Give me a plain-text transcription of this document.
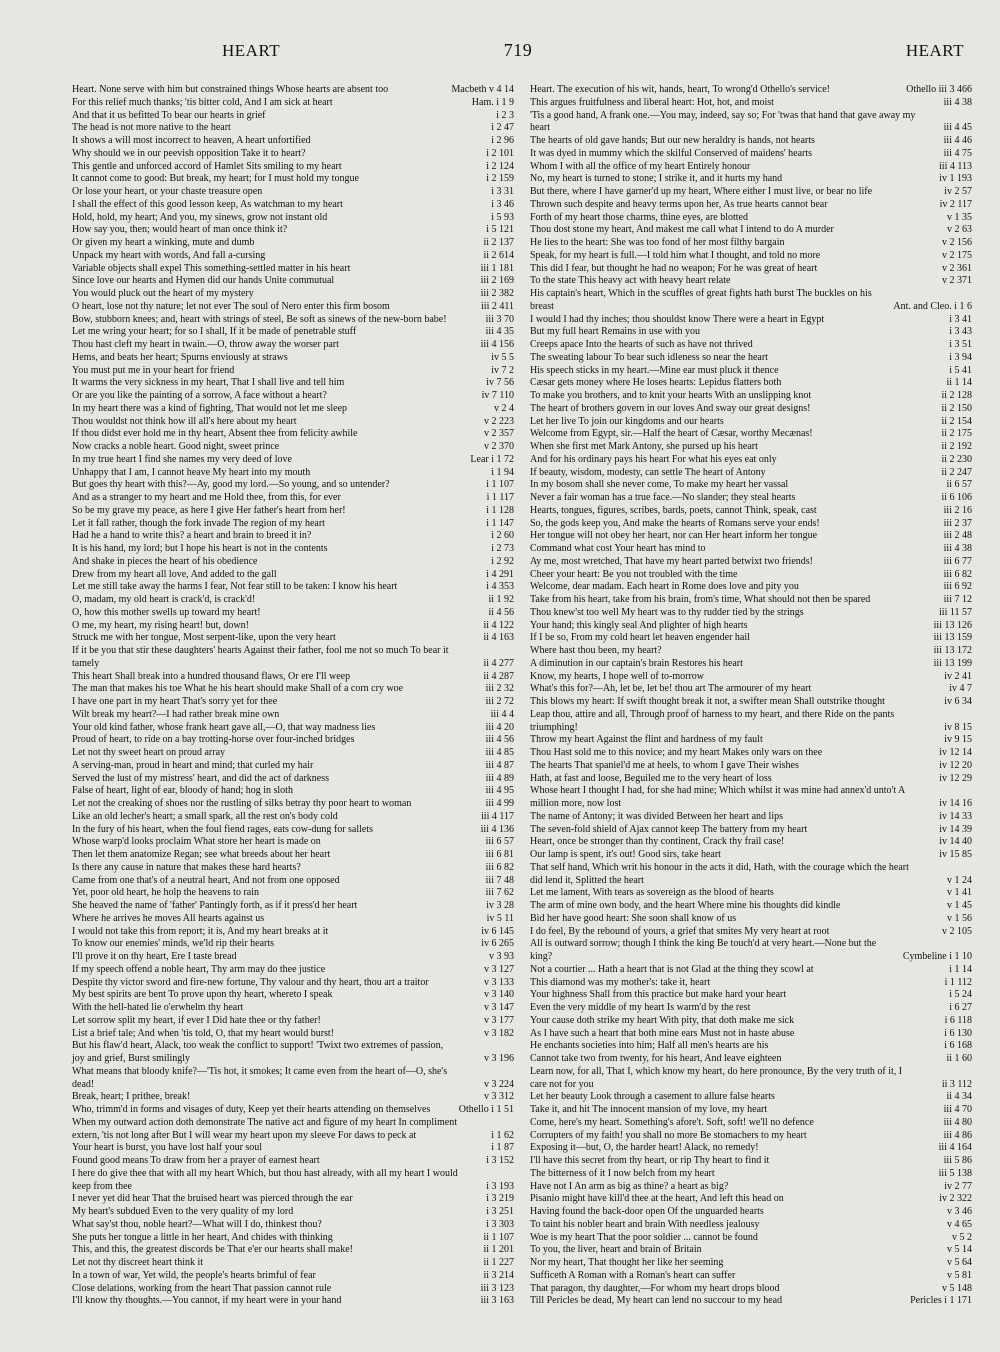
HEART	719	HEART
Heart. None serve with him but constrained things Whose hearts are absent too	Macbeth v 4 14
For this relief much thanks; 'tis bitter cold, And I am sick at heart	Ham. i 1 9
And that it us befitted To bear our hearts in grief	i 2 3
The head is not more native to the heart	i 2 47
It shows a will most incorrect to heaven, A heart unfortified	i 2 96
Why should we in our peevish opposition Take it to heart?	i 2 101
This gentle and unforced accord of Hamlet Sits smiling to my heart	i 2 124
It cannot come to good: But break, my heart; for I must hold my tongue	i 2 159
Or lose your heart, or your chaste treasure open	i 3 31
I shall the effect of this good lesson keep, As watchman to my heart	i 3 46
Hold, hold, my heart; And you, my sinews, grow not instant old	i 5 93
How say you, then; would heart of man once think it?	i 5 121
Or given my heart a winking, mute and dumb	ii 2 137
Unpack my heart with words, And fall a-cursing	ii 2 614
Variable objects shall expel This something-settled matter in his heart	iii 1 181
Since love our hearts and Hymen did our hands Unite commutual	iii 2 169
You would pluck out the heart of my mystery	iii 2 382
O heart, lose not thy nature; let not ever The soul of Nero enter this firm bosom	iii 2 411
Bow, stubborn knees; and, heart with strings of steel, Be soft as sinews of the new-born babe!	iii 3 70
Let me wring your heart; for so I shall, If it be made of penetrable stuff	iii 4 35
Thou hast cleft my heart in twain.—O, throw away the worser part	iii 4 156
Hems, and beats her heart; Spurns enviously at straws	iv 5 5
You must put me in your heart for friend	iv 7 2
It warms the very sickness in my heart, That I shall live and tell him	iv 7 56
Or are you like the painting of a sorrow, A face without a heart?	iv 7 110
In my heart there was a kind of fighting, That would not let me sleep	v 2 4
Thou wouldst not think how ill all's here about my heart	v 2 223
If thou didst ever hold me in thy heart, Absent thee from felicity awhile	v 2 357
Now cracks a noble heart. Good night, sweet prince	v 2 370
In my true heart I find she names my very deed of love	Lear i 1 72
Unhappy that I am, I cannot heave My heart into my mouth	i 1 94
But goes thy heart with this?—Ay, good my lord.—So young, and so untender?	i 1 107
And as a stranger to my heart and me Hold thee, from this, for ever	i 1 117
So be my grave my peace, as here I give Her father's heart from her!	i 1 128
Let it fall rather, though the fork invade The region of my heart	i 1 147
Had he a hand to write this? a heart and brain to breed it in?	i 2 60
It is his hand, my lord; but I hope his heart is not in the contents	i 2 73
And shake in pieces the heart of his obedience	i 2 92
Drew from my heart all love, And added to the gall	i 4 291
Let me still take away the harms I fear, Not fear still to be taken: I know his heart	i 4 353
O, madam, my old heart is crack'd, is crack'd!	ii 1 92
O, how this mother swells up toward my heart!	ii 4 56
O me, my heart, my rising heart! but, down!	ii 4 122
Struck me with her tongue, Most serpent-like, upon the very heart	ii 4 163
If it be you that stir these daughters' hearts Against their father, fool me not so much To bear it tamely	ii 4 277
This heart Shall break into a hundred thousand flaws, Or ere I'll weep	ii 4 287
The man that makes his toe What he his heart should make Shall of a corn cry woe	iii 2 32
I have one part in my heart That's sorry yet for thee	iii 2 72
Wilt break my heart?—I had rather break mine own	iii 4 4
Your old kind father, whose frank heart gave all,—O, that way madness lies	iii 4 20
Proud of heart, to ride on a bay trotting-horse over four-inched bridges	iii 4 56
Let not thy sweet heart on proud array	iii 4 85
A serving-man, proud in heart and mind; that curled my hair	iii 4 87
Served the lust of my mistress' heart, and did the act of darkness	iii 4 89
False of heart, light of ear, bloody of hand; hog in sloth	iii 4 95
Let not the creaking of shoes nor the rustling of silks betray thy poor heart to woman	iii 4 99
Like an old lecher's heart; a small spark, all the rest on's body cold	iii 4 117
In the fury of his heart, when the foul fiend rages, eats cow-dung for sallets	iii 4 136
Whose warp'd looks proclaim What store her heart is made on	iii 6 57
Then let them anatomize Regan; see what breeds about her heart	iii 6 81
Is there any cause in nature that makes these hard hearts?	iii 6 82
Came from one that's of a neutral heart, And not from one opposed	iii 7 48
Yet, poor old heart, he holp the heavens to rain	iii 7 62
She heaved the name of 'father' Pantingly forth, as if it press'd her heart	iv 3 28
Where he arrives he moves All hearts against us	iv 5 11
I would not take this from report; it is, And my heart breaks at it	iv 6 145
To know our enemies' minds, we'ld rip their hearts	iv 6 265
I'll prove it on thy heart, Ere I taste bread	v 3 93
If my speech offend a noble heart, Thy arm may do thee justice	v 3 127
Despite thy victor sword and fire-new fortune, Thy valour and thy heart, thou art a traitor	v 3 133
My best spirits are bent To prove upon thy heart, whereto I speak	v 3 140
With the hell-hated lie o'erwhelm thy heart	v 3 147
Let sorrow split my heart, if ever I Did hate thee or thy father!	v 3 177
List a brief tale; And when 'tis told, O, that my heart would burst!	v 3 182
But his flaw'd heart, Alack, too weak the conflict to support! 'Twixt two extremes of passion, joy and grief, Burst smilingly	v 3 196
What means that bloody knife?—'Tis hot, it smokes; It came even from the heart of—O, she's dead!	v 3 224
Break, heart; I prithee, break!	v 3 312
Who, trimm'd in forms and visages of duty, Keep yet their hearts attending on themselves	Othello i 1 51
When my outward action doth demonstrate The native act and figure of my heart In compliment extern, 'tis not long after But I will wear my heart upon my sleeve For daws to peck at	i 1 62
Your heart is burst, you have lost half your soul	i 1 87
Found good means To draw from her a prayer of earnest heart	i 3 152
I here do give thee that with all my heart Which, but thou hast already, with all my heart I would keep from thee	i 3 193
I never yet did hear That the bruised heart was pierced through the ear	i 3 219
My heart's subdued Even to the very quality of my lord	i 3 251
What say'st thou, noble heart?—What will I do, thinkest thou?	i 3 303
She puts her tongue a little in her heart, And chides with thinking	ii 1 107
This, and this, the greatest discords be That e'er our hearts shall make!	ii 1 201
Let not thy discreet heart think it	ii 1 227
In a town of war, Yet wild, the people's hearts brimful of fear	ii 3 214
Close delations, working from the heart That passion cannot rule	iii 3 123
I'll know thy thoughts.—You cannot, if my heart were in your hand	iii 3 163
Heart. The execution of his wit, hands, heart, To wrong'd Othello's service!	Othello iii 3 466
This argues fruitfulness and liberal heart: Hot, hot, and moist	iii 4 38
'Tis a good hand, A frank one.—You may, indeed, say so; For 'twas that hand that gave away my heart	iii 4 45
The hearts of old gave hands; But our new heraldry is hands, not hearts	iii 4 46
It was dyed in mummy which the skilful Conserved of maidens' hearts	iii 4 75
Whom I with all the office of my heart Entirely honour	iii 4 113
No, my heart is turned to stone; I strike it, and it hurts my hand	iv 1 193
But there, where I have garner'd up my heart, Where either I must live, or bear no life	iv 2 57
Thrown such despite and heavy terms upon her, As true hearts cannot bear	iv 2 117
Forth of my heart those charms, thine eyes, are blotted	v 1 35
Thou dost stone my heart, And makest me call what I intend to do A murder	v 2 63
He lies to the heart: She was too fond of her most filthy bargain	v 2 156
Speak, for my heart is full.—I told him what I thought, and told no more	v 2 175
This did I fear, but thought he had no weapon; For he was great of heart	v 2 361
To the state This heavy act with heavy heart relate	v 2 371
His captain's heart, Which in the scuffles of great fights hath burst The buckles on his breast	Ant. and Cleo. i 1 6
I would I had thy inches; thou shouldst know There were a heart in Egypt	i 3 41
But my full heart Remains in use with you	i 3 43
Creeps apace Into the hearts of such as have not thrived	i 3 51
The sweating labour To bear such idleness so near the heart	i 3 94
His speech sticks in my heart.—Mine ear must pluck it thence	i 5 41
Cæsar gets money where He loses hearts: Lepidus flatters both	ii 1 14
To make you brothers, and to knit your hearts With an unslipping knot	ii 2 128
The heart of brothers govern in our loves And sway our great designs!	ii 2 150
Let her live To join our kingdoms and our hearts	ii 2 154
Welcome from Egypt, sir.—Half the heart of Cæsar, worthy Mecænas!	ii 2 175
When she first met Mark Antony, she pursed up his heart	ii 2 192
And for his ordinary pays his heart For what his eyes eat only	ii 2 230
If beauty, wisdom, modesty, can settle The heart of Antony	ii 2 247
In my bosom shall she never come, To make my heart her vassal	ii 6 57
Never a fair woman has a true face.—No slander; they steal hearts	ii 6 106
Hearts, tongues, figures, scribes, bards, poets, cannot Think, speak, cast	iii 2 16
So, the gods keep you, And make the hearts of Romans serve your ends!	iii 2 37
Her tongue will not obey her heart, nor can Her heart inform her tongue	iii 2 48
Command what cost Your heart has mind to	iii 4 38
Ay me, most wretched, That have my heart parted betwixt two friends!	iii 6 77
Cheer your heart: Be you not troubled with the time	iii 6 82
Welcome, dear madam. Each heart in Rome does love and pity you	iii 6 92
Take from his heart, take from his brain, from's time, What should not then be spared	iii 7 12
Thou knew'st too well My heart was to thy rudder tied by the strings	iii 11 57
Your hand; this kingly seal And plighter of high hearts	iii 13 126
If I be so, From my cold heart let heaven engender hail	iii 13 159
Where hast thou been, my heart?	iii 13 172
A diminution in our captain's brain Restores his heart	iii 13 199
Know, my hearts, I hope well of to-morrow	iv 2 41
What's this for?—Ah, let be, let be! thou art The armourer of my heart	iv 4 7
This blows my heart: If swift thought break it not, a swifter mean Shall outstrike thought	iv 6 34
Leap thou, attire and all, Through proof of harness to my heart, and there Ride on the pants triumphing!	iv 8 15
Throw my heart Against the flint and hardness of my fault	iv 9 15
Thou Hast sold me to this novice; and my heart Makes only wars on thee	iv 12 14
The hearts That spaniel'd me at heels, to whom I gave Their wishes	iv 12 20
Hath, at fast and loose, Beguiled me to the very heart of loss	iv 12 29
Whose heart I thought I had, for she had mine; Which whilst it was mine had annex'd unto't A million more, now lost	iv 14 16
The name of Antony; it was divided Between her heart and lips	iv 14 33
The seven-fold shield of Ajax cannot keep The battery from my heart	iv 14 39
Heart, once be stronger than thy continent, Crack thy frail case!	iv 14 40
Our lamp is spent, it's out! Good sirs, take heart	iv 15 85
That self hand, Which writ his honour in the acts it did, Hath, with the courage which the heart did lend it, Splitted the heart	v 1 24
Let me lament, With tears as sovereign as the blood of hearts	v 1 41
The arm of mine own body, and the heart Where mine his thoughts did kindle	v 1 45
Bid her have good heart: She soon shall know of us	v 1 56
I do feel, By the rebound of yours, a grief that smites My very heart at root	v 2 105
All is outward sorrow; though I think the king Be touch'd at very heart.—None but the king?	Cymbeline i 1 10
Not a courtier ... Hath a heart that is not Glad at the thing they scowl at	i 1 14
This diamond was my mother's: take it, heart	i 1 112
Your highness Shall from this practice but make hard your heart	i 5 24
Even the very middle of my heart Is warm'd by the rest	i 6 27
Your cause doth strike my heart With pity, that doth make me sick	i 6 118
As I have such a heart that both mine ears Must not in haste abuse	i 6 130
He enchants societies into him; Half all men's hearts are his	i 6 168
Cannot take two from twenty, for his heart, And leave eighteen	ii 1 60
Learn now, for all, That I, which know my heart, do here pronounce, By the very truth of it, I care not for you	ii 3 112
Let her beauty Look through a casement to allure false hearts	ii 4 34
Take it, and hit The innocent mansion of my love, my heart	iii 4 70
Come, here's my heart. Something's afore't. Soft, soft! we'll no defence	iii 4 80
Corrupters of my faith! you shall no more Be stomachers to my heart	iii 4 86
Exposing it—but, O, the harder heart! Alack, no remedy!	iii 4 164
I'll have this secret from thy heart, or rip Thy heart to find it	iii 5 86
The bitterness of it I now belch from my heart	iii 5 138
Have not I An arm as big as thine? a heart as big?	iv 2 77
Pisanio might have kill'd thee at the heart, And left this head on	iv 2 322
Having found the back-door open Of the unguarded hearts	v 3 46
To taint his nobler heart and brain With needless jealousy	v 4 65
Woe is my heart That the poor soldier ... cannot be found	v 5 2
To you, the liver, heart and brain of Britain	v 5 14
Nor my heart, That thought her like her seeming	v 5 64
Sufficeth A Roman with a Roman's heart can suffer	v 5 81
That paragon, thy daughter,—For whom my heart drops blood	v 5 148
Till Pericles be dead, My heart can lend no succour to my head	Pericles i 1 171
